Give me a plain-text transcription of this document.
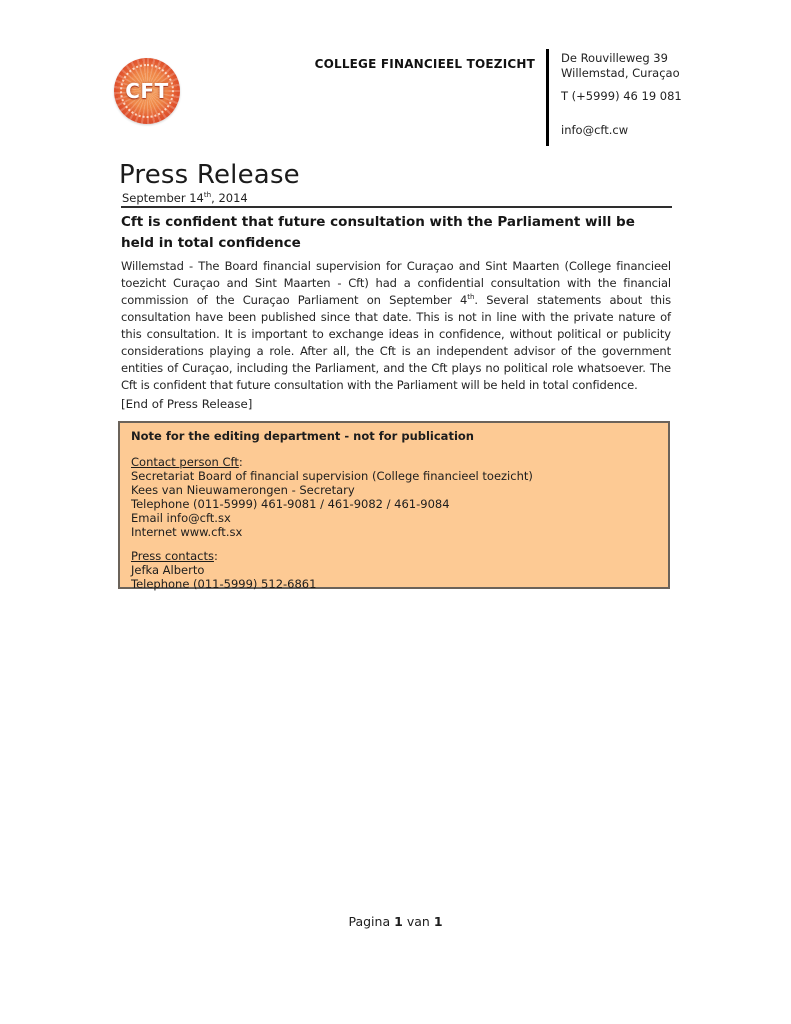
CFT
COLLEGE FINANCIEEL TOEZICHT De Rouvilleweg 39
Willemstad, Curaçao
T (+5999) 46 19 081
info@cft.cw
Press Release
September 14th, 2014
Cft is confident that future consultation with the Parliament will be held in total confidence

Willemstad - The Board financial supervision for Curaçao and Sint Maarten (College financieel toezicht Curaçao and Sint Maarten - Cft) had a confidential consultation with the financial commission of the Curaçao Parliament on September 4th. Several statements about this consultation have been published since that date. This is not in line with the private nature of this consultation. It is important to exchange ideas in confidence, without political or publicity considerations playing a role. After all, the Cft is an independent advisor of the government entities of Curaçao, including the Parliament, and the Cft plays no political role whatsoever. The Cft is confident that future consultation with the Parliament will be held in total confidence.

[End of Press Release]
Note for the editing department - not for publication
Contact person Cft:
Secretariat Board of financial supervision (College financieel toezicht)
Kees van Nieuwamerongen - Secretary
Telephone (011-5999) 461-9081 / 461-9082 / 461-9084
Email info@cft.sx
Internet www.cft.sx
Press contacts:
Jefka Alberto
Telephone (011-5999) 512-6861
Pagina 1 van 1
